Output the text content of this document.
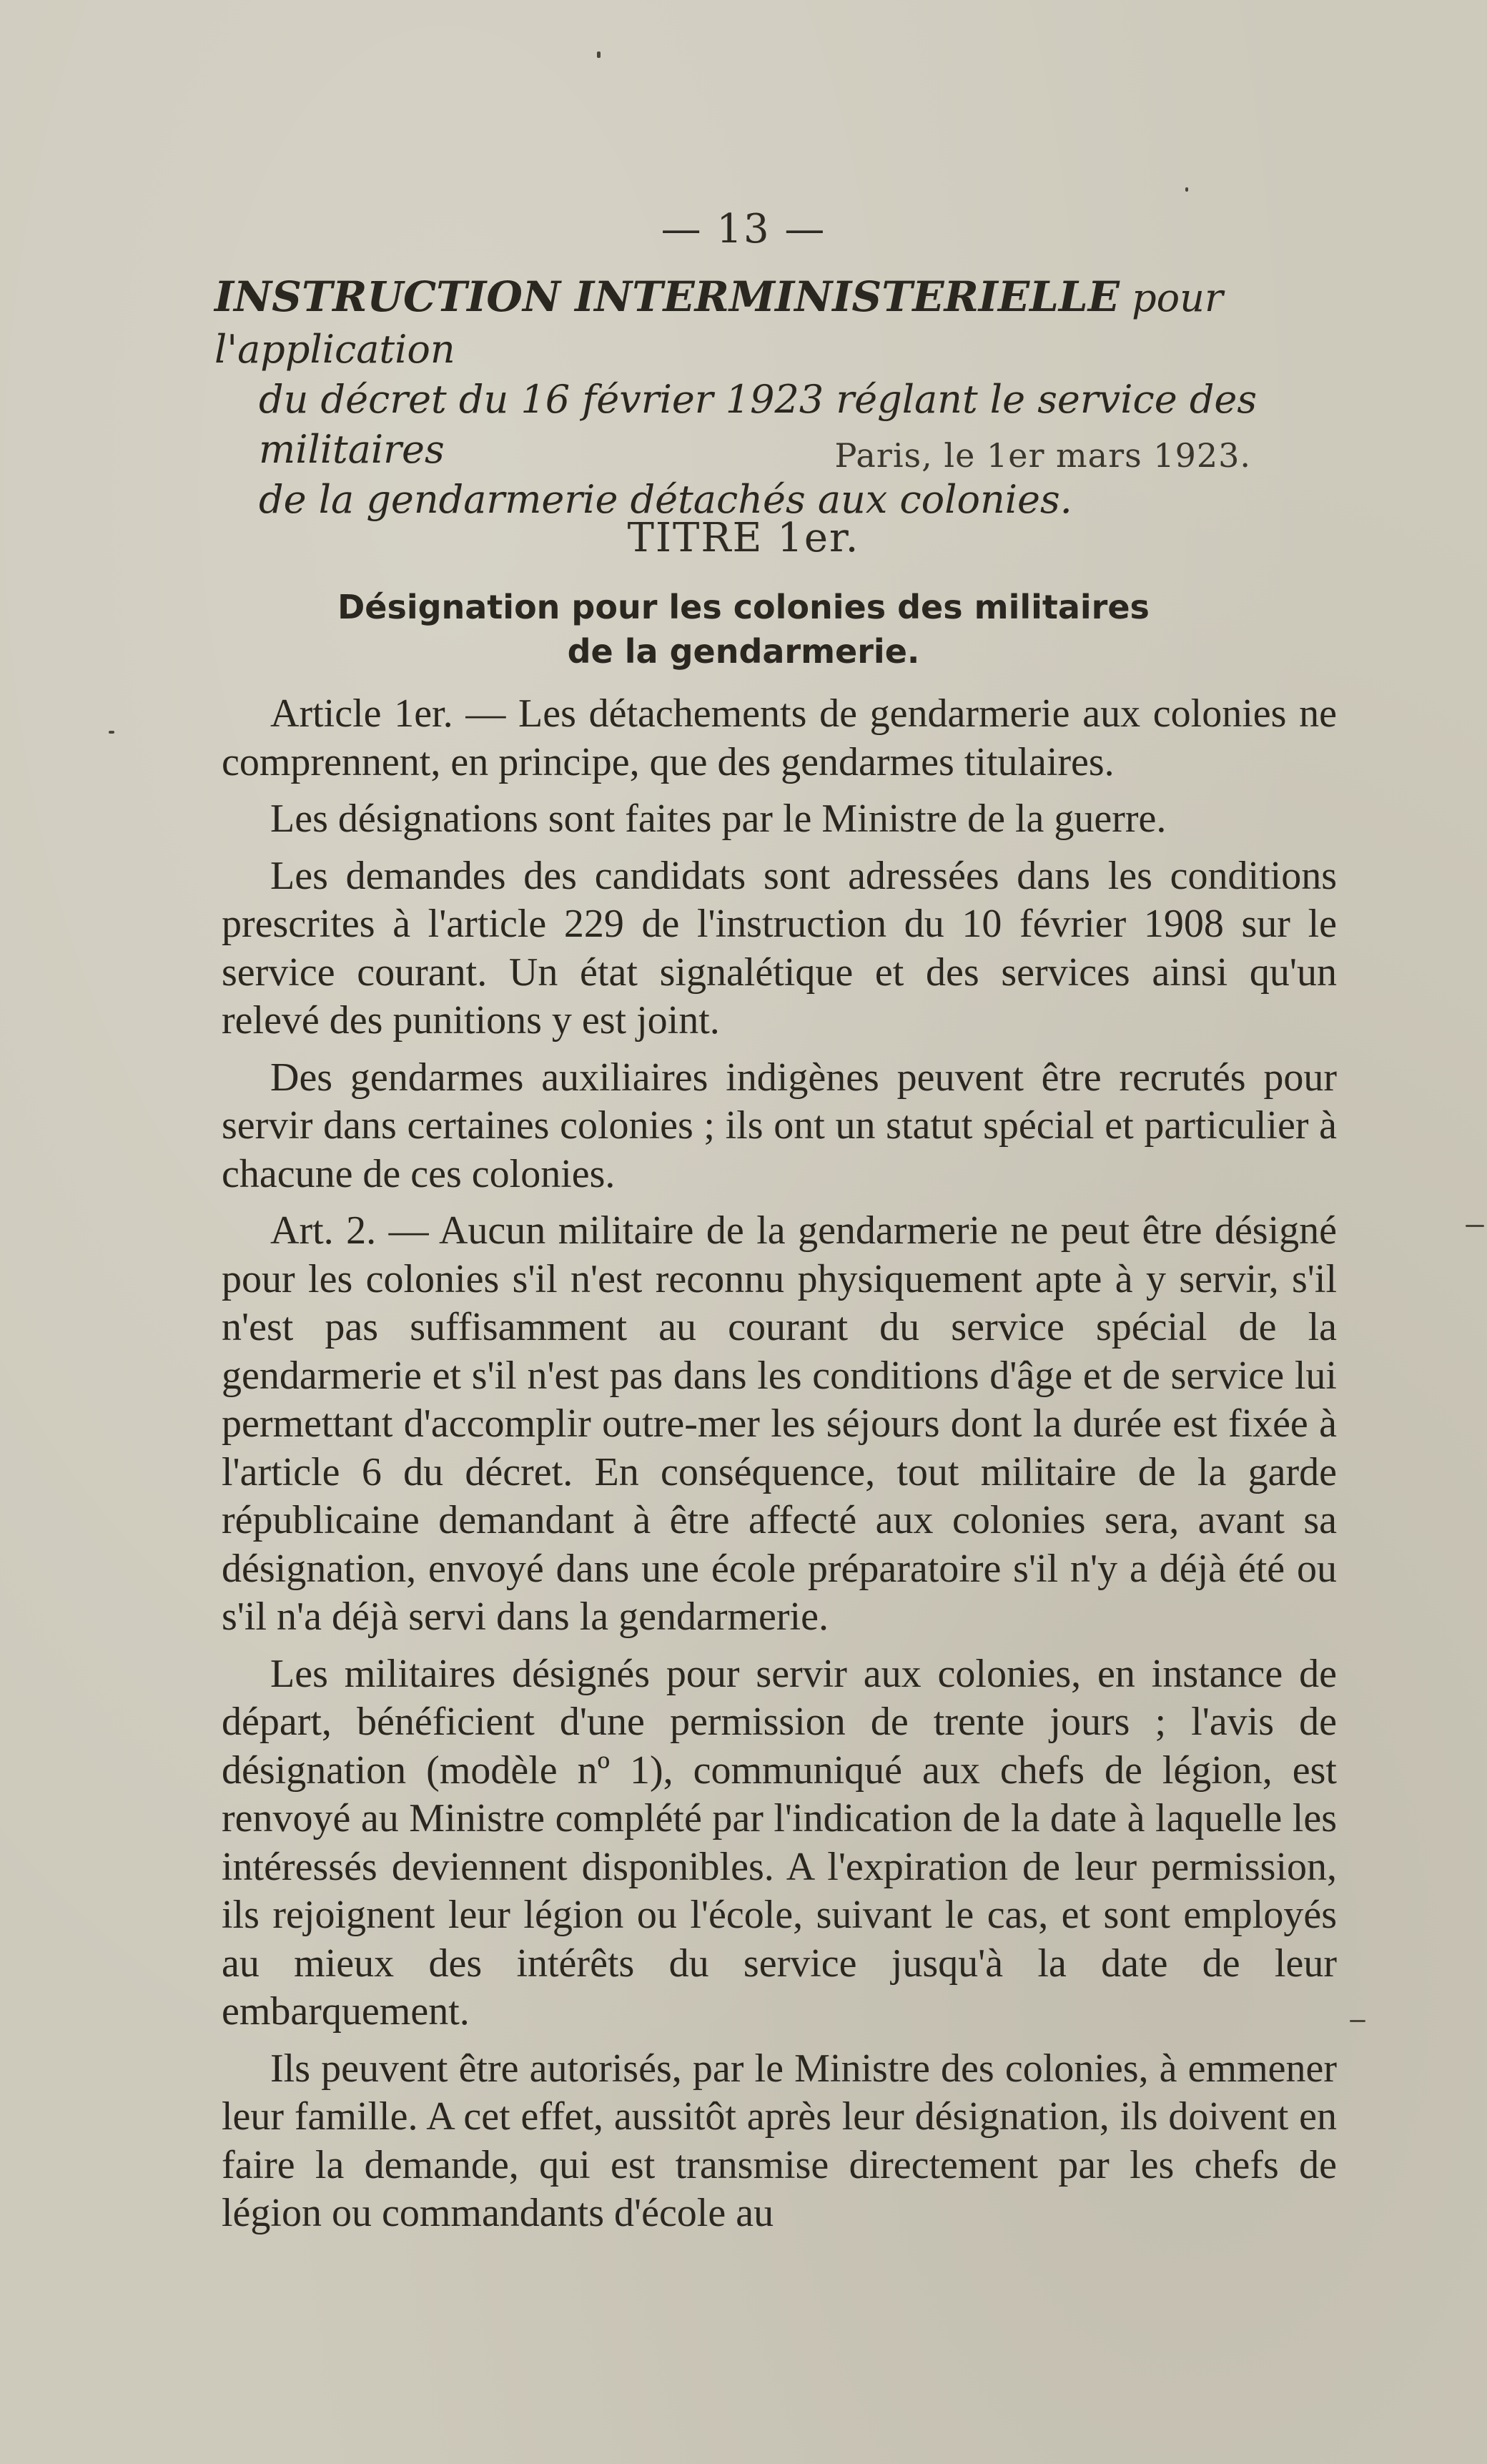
— 13 —
INSTRUCTION INTERMINISTERIELLE pour l'application
du décret du 16 février 1923 réglant le service des militaires
de la gendarmerie détachés aux colonies.
Paris, le 1er mars 1923.
TITRE 1er.
Désignation pour les colonies des militaires
de la gendarmerie.

Article 1er. — Les détachements de gendarmerie aux colonies ne comprennent, en principe, que des gendarmes titulaires.

Les désignations sont faites par le Ministre de la guerre.

Les demandes des candidats sont adressées dans les conditions prescrites à l'article 229 de l'instruction du 10 février 1908 sur le service courant. Un état signalétique et des services ainsi qu'un relevé des punitions y est joint.

Des gendarmes auxiliaires indigènes peuvent être recrutés pour servir dans certaines colonies ; ils ont un statut spécial et particulier à chacune de ces colonies.

Art. 2. — Aucun militaire de la gendarmerie ne peut être désigné pour les colonies s'il n'est reconnu physiquement apte à y servir, s'il n'est pas suffisamment au courant du service spécial de la gendarmerie et s'il n'est pas dans les conditions d'âge et de service lui permettant d'accomplir outre-mer les séjours dont la durée est fixée à l'article 6 du décret. En conséquence, tout militaire de la garde républicaine demandant à être affecté aux colonies sera, avant sa désignation, envoyé dans une école préparatoire s'il n'y a déjà été ou s'il n'a déjà servi dans la gendarmerie.

Les militaires désignés pour servir aux colonies, en instance de départ, bénéficient d'une permission de trente jours ; l'avis de désignation (modèle nº 1), communiqué aux chefs de légion, est renvoyé au Ministre complété par l'indication de la date à laquelle les intéressés deviennent disponibles. A l'expiration de leur permission, ils rejoignent leur légion ou l'école, suivant le cas, et sont employés au mieux des intérêts du service jusqu'à la date de leur embarquement.

Ils peuvent être autorisés, par le Ministre des colonies, à emmener leur famille. A cet effet, aussitôt après leur désignation, ils doivent en faire la demande, qui est transmise directement par les chefs de légion ou commandants d'école au
